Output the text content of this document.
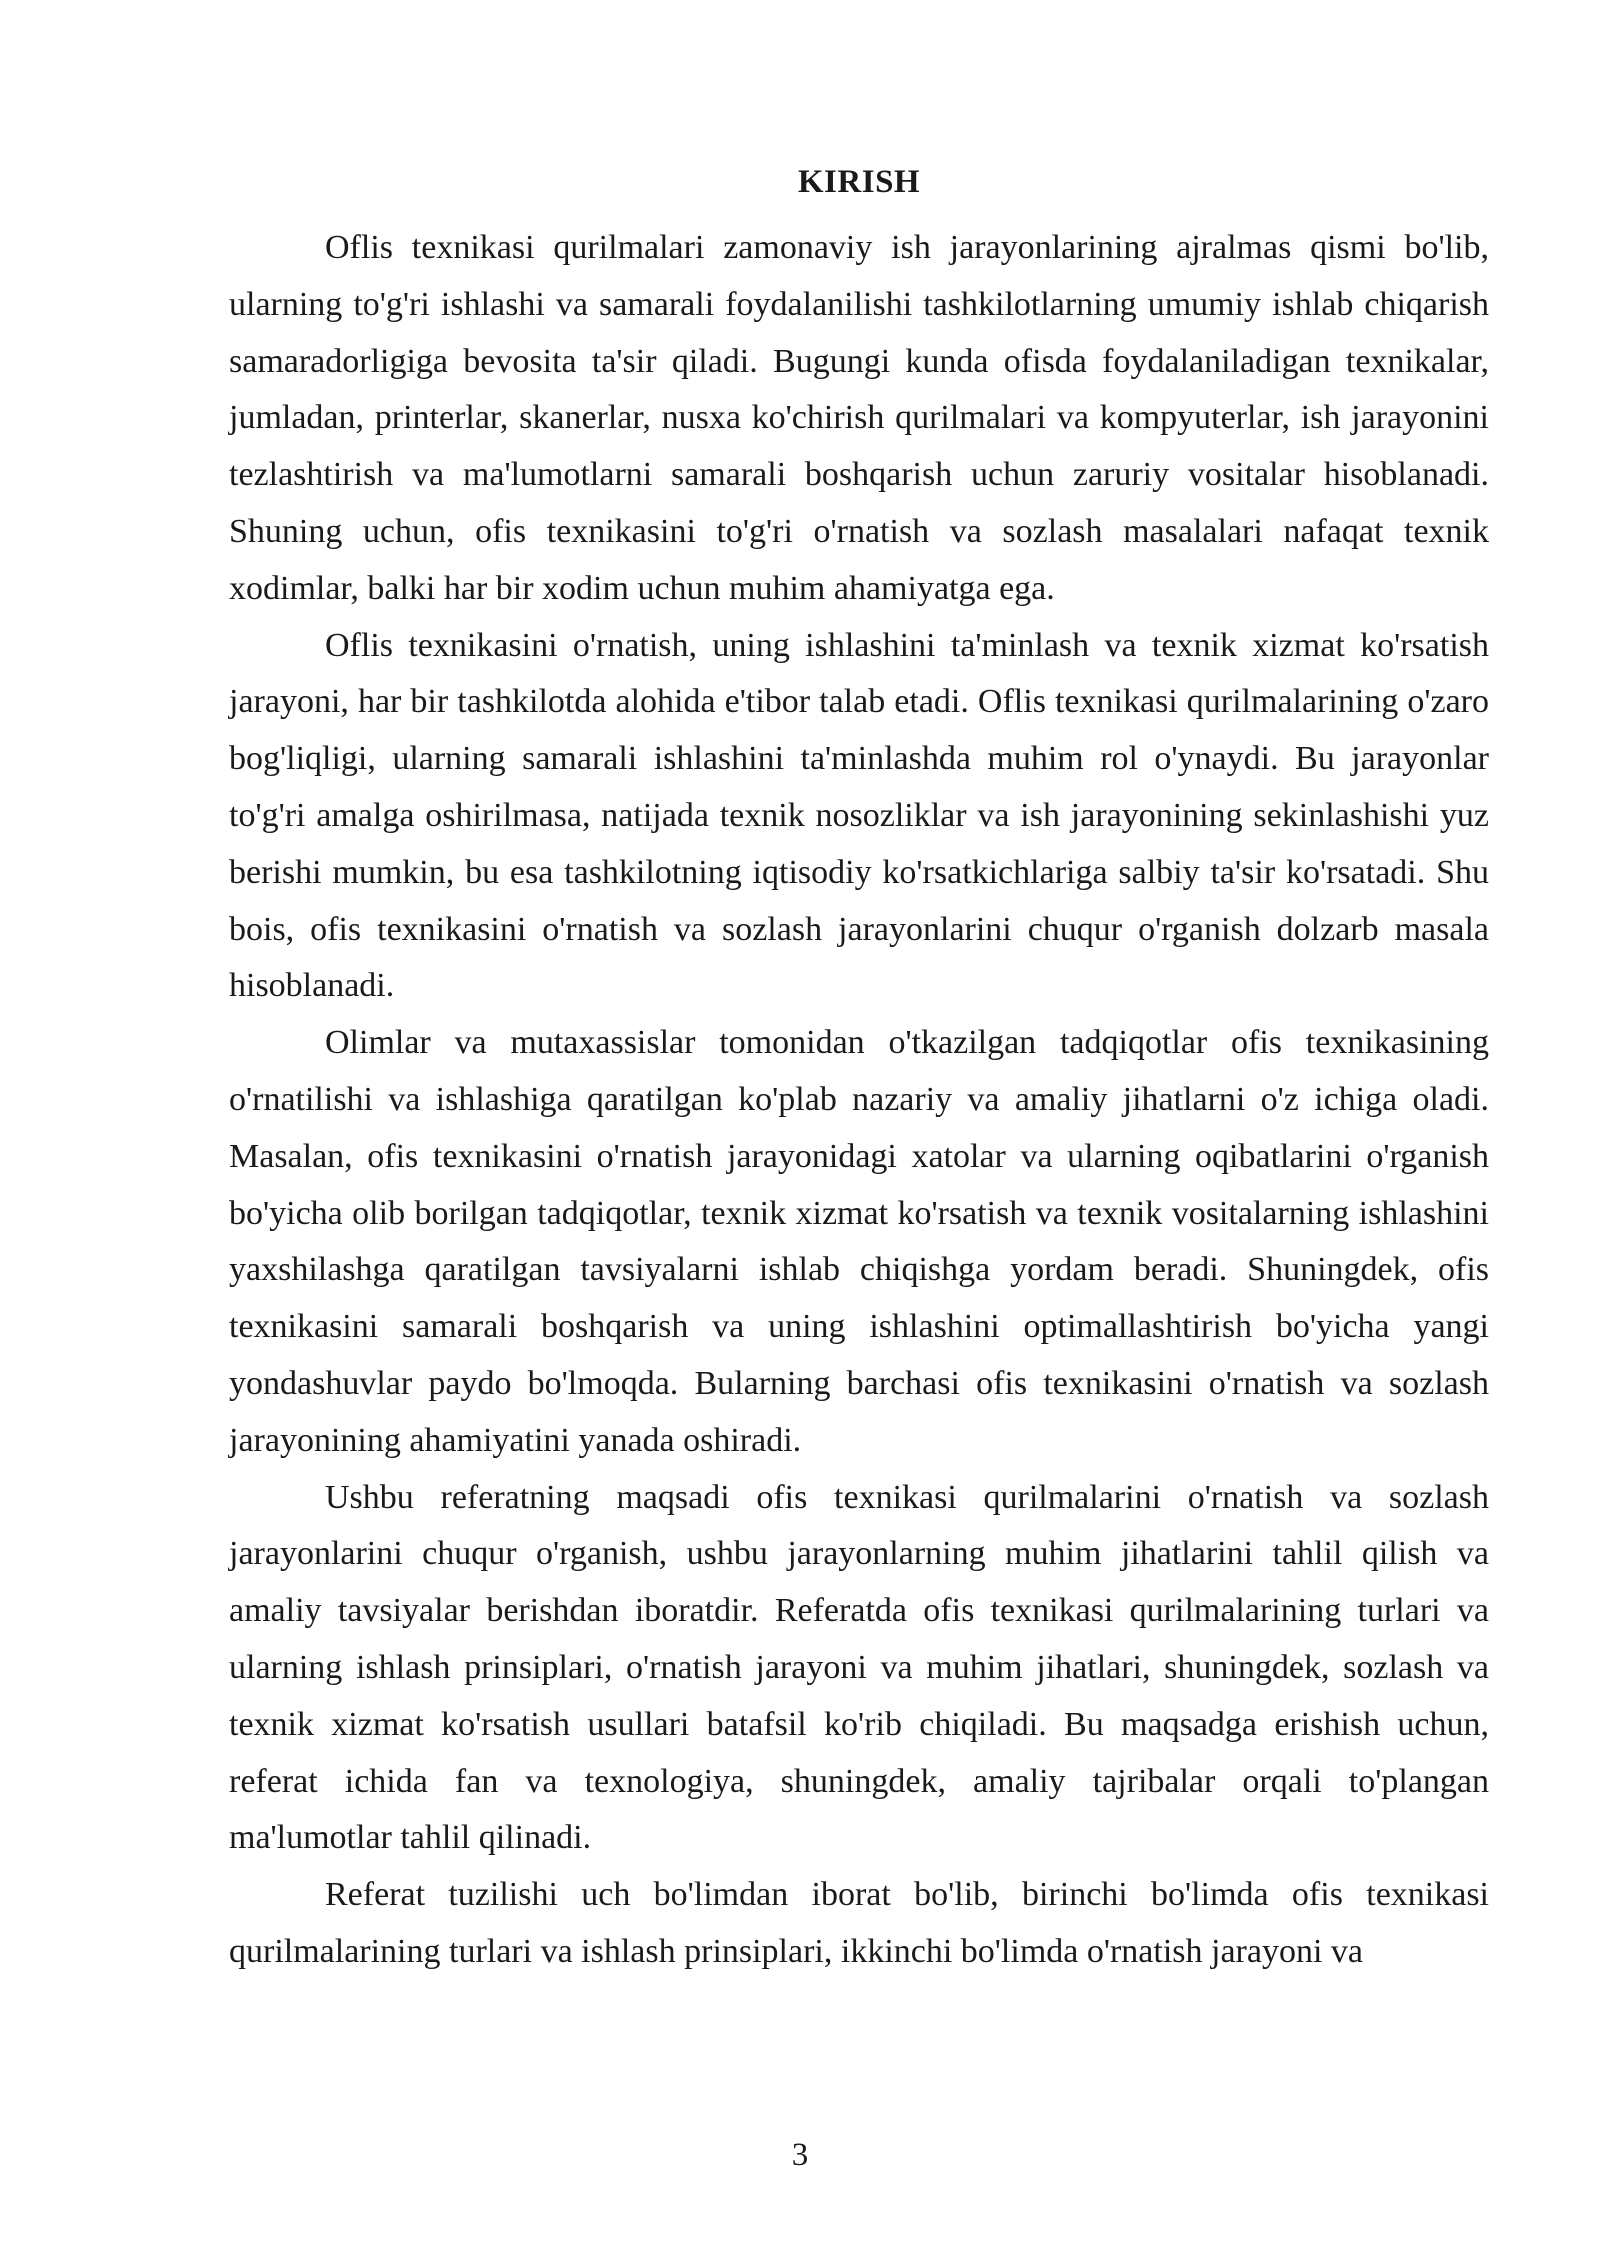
KIRISH

Oflis texnikasi qurilmalari zamonaviy ish jarayonlarining ajralmas qismi bo'lib, ularning to'g'ri ishlashi va samarali foydalanilishi tashkilotlarning umumiy ishlab chiqarish samaradorligiga bevosita ta'sir qiladi. Bugungi kunda ofisda foydalaniladigan texnikalar, jumladan, printerlar, skanerlar, nusxa ko'chirish qurilmalari va kompyuterlar, ish jarayonini tezlashtirish va ma'lumotlarni samarali boshqarish uchun zaruriy vositalar hisoblanadi. Shuning uchun, ofis texnikasini to'g'ri o'rnatish va sozlash masalalari nafaqat texnik xodimlar, balki har bir xodim uchun muhim ahamiyatga ega.

Oflis texnikasini o'rnatish, uning ishlashini ta'minlash va texnik xizmat ko'rsatish jarayoni, har bir tashkilotda alohida e'tibor talab etadi. Oflis texnikasi qurilmalarining o'zaro bog'liqligi, ularning samarali ishlashini ta'minlashda muhim rol o'ynaydi. Bu jarayonlar to'g'ri amalga oshirilmasa, natijada texnik nosozliklar va ish jarayonining sekinlashishi yuz berishi mumkin, bu esa tashkilotning iqtisodiy ko'rsatkichlariga salbiy ta'sir ko'rsatadi. Shu bois, ofis texnikasini o'rnatish va sozlash jarayonlarini chuqur o'rganish dolzarb masala hisoblanadi.

Olimlar va mutaxassislar tomonidan o'tkazilgan tadqiqotlar ofis texnikasining o'rnatilishi va ishlashiga qaratilgan ko'plab nazariy va amaliy jihatlarni o'z ichiga oladi. Masalan, ofis texnikasini o'rnatish jarayonidagi xatolar va ularning oqibatlarini o'rganish bo'yicha olib borilgan tadqiqotlar, texnik xizmat ko'rsatish va texnik vositalarning ishlashini yaxshilashga qaratilgan tavsiyalarni ishlab chiqishga yordam beradi. Shuningdek, ofis texnikasini samarali boshqarish va uning ishlashini optimallashtirish bo'yicha yangi yondashuvlar paydo bo'lmoqda. Bularning barchasi ofis texnikasini o'rnatish va sozlash jarayonining ahamiyatini yanada oshiradi.

Ushbu referatning maqsadi ofis texnikasi qurilmalarini o'rnatish va sozlash jarayonlarini chuqur o'rganish, ushbu jarayonlarning muhim jihatlarini tahlil qilish va amaliy tavsiyalar berishdan iboratdir. Referatda ofis texnikasi qurilmalarining turlari va ularning ishlash prinsiplari, o'rnatish jarayoni va muhim jihatlari, shuningdek, sozlash va texnik xizmat ko'rsatish usullari batafsil ko'rib chiqiladi. Bu maqsadga erishish uchun, referat ichida fan va texnologiya, shuningdek, amaliy tajribalar orqali to'plangan ma'lumotlar tahlil qilinadi.

Referat tuzilishi uch bo'limdan iborat bo'lib, birinchi bo'limda ofis texnikasi qurilmalarining turlari va ishlash prinsiplari, ikkinchi bo'limda o'rnatish jarayoni va

3
